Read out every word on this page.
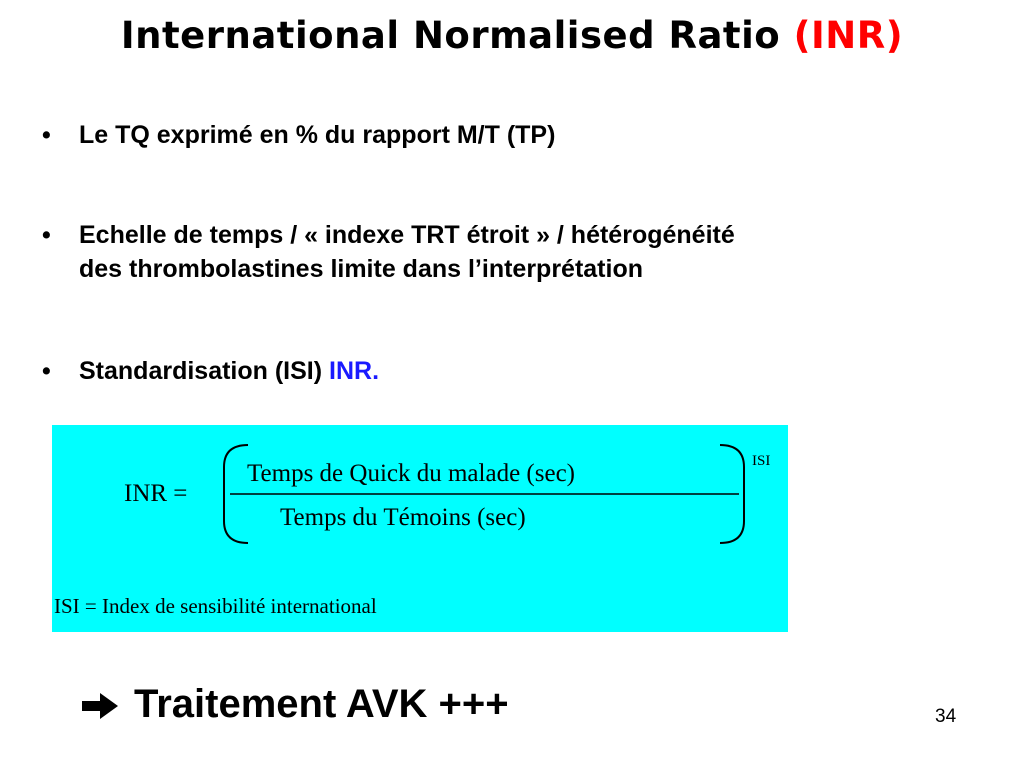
International Normalised Ratio (INR)
• Le TQ exprimé en % du rapport M/T (TP)
• Echelle de temps / « indexe TRT étroit » / hétérogénéité
des thrombolastines limite dans l’interprétation
• Standardisation (ISI) INR.
INR =
Temps de Quick du malade (sec)
Temps du Témoins (sec)
ISI
ISI = Index de sensibilité international
Traitement AVK +++	34
